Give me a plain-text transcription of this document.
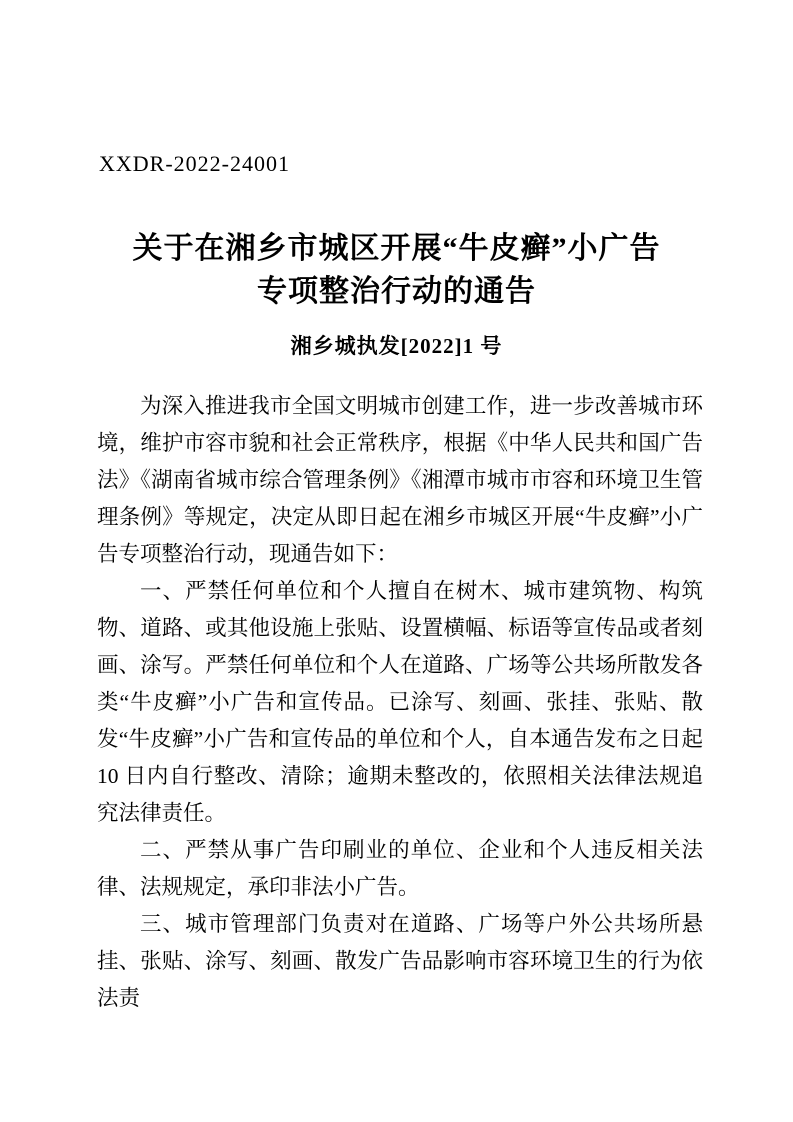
XXDR-2022-24001
关于在湘乡市城区开展“牛皮癣”小广告
专项整治行动的通告
湘乡城执发[2022]1 号

为深入推进我市全国文明城市创建工作，进一步改善城市环境，维护市容市貌和社会正常秩序，根据《中华人民共和国广告法》《湖南省城市综合管理条例》《湘潭市城市市容和环境卫生管理条例》等规定，决定从即日起在湘乡市城区开展“牛皮癣”小广告专项整治行动，现通告如下：

一、严禁任何单位和个人擅自在树木、城市建筑物、构筑物、道路、或其他设施上张贴、设置横幅、标语等宣传品或者刻画、涂写。严禁任何单位和个人在道路、广场等公共场所散发各类“牛皮癣”小广告和宣传品。已涂写、刻画、张挂、张贴、散发“牛皮癣”小广告和宣传品的单位和个人，自本通告发布之日起 10 日内自行整改、清除；逾期未整改的，依照相关法律法规追究法律责任。

二、严禁从事广告印刷业的单位、企业和个人违反相关法律、法规规定，承印非法小广告。

三、城市管理部门负责对在道路、广场等户外公共场所悬挂、张贴、涂写、刻画、散发广告品影响市容环境卫生的行为依法责
